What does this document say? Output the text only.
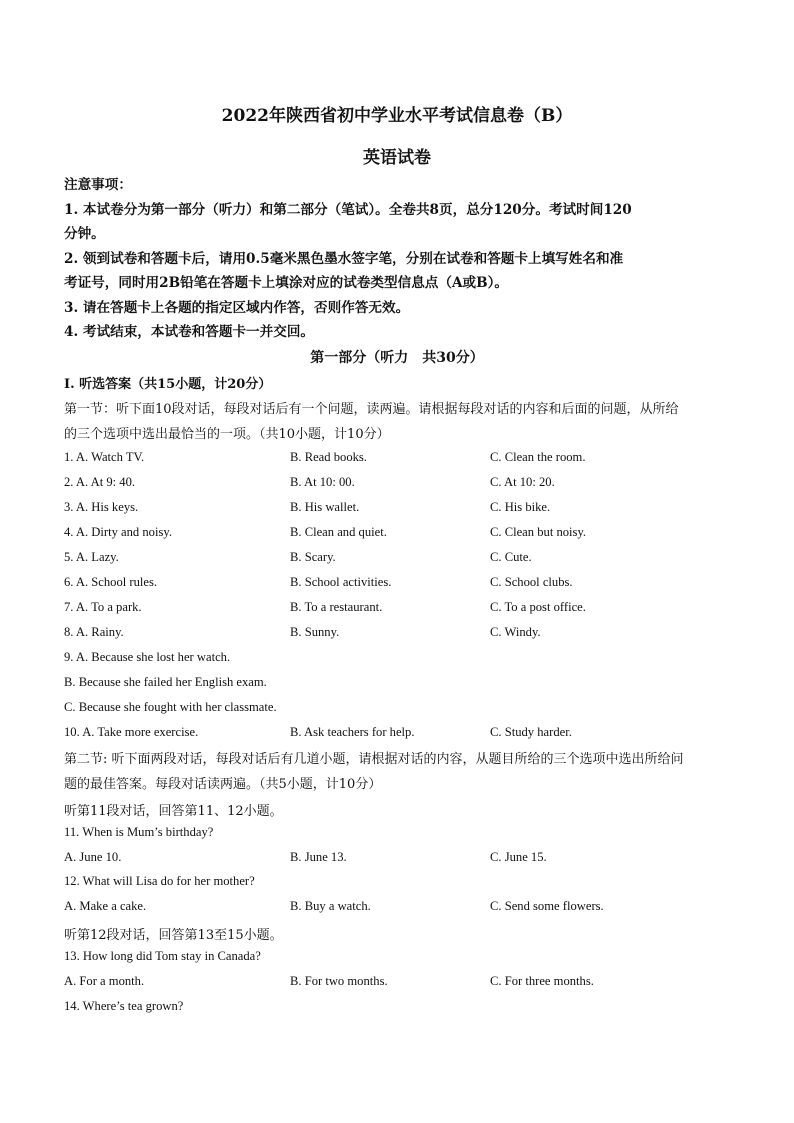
2022年陕西省初中学业水平考试信息卷（B）
英语试卷
注意事项：
1. 本试卷分为第一部分（听力）和第二部分（笔试）。全卷共8页，总分120分。考试时间120
分钟。
2. 领到试卷和答题卡后，请用0.5毫米黑色墨水签字笔，分别在试卷和答题卡上填写姓名和准
考证号，同时用2B铅笔在答题卡上填涂对应的试卷类型信息点（A或B）。
3. 请在答题卡上各题的指定区域内作答，否则作答无效。
4. 考试结束，本试卷和答题卡一并交回。
第一部分（听力　共30分）
I. 听选答案（共15小题，计20分）
第一节：听下面10段对话，每段对话后有一个问题，读两遍。请根据每段对话的内容和后面的问题，从所给
的三个选项中选出最恰当的一项。（共10小题，计10分）
1. A. Watch TV.	B. Read books.	C. Clean the room.
2. A. At 9: 40.	B. At 10: 00.	C. At 10: 20.
3. A. His keys.	B. His wallet.	C. His bike.
4. A. Dirty and noisy.	B. Clean and quiet.	C. Clean but noisy.
5. A. Lazy.	B. Scary.	C. Cute.
6. A. School rules.	B. School activities.	C. School clubs.
7. A. To a park.	B. To a restaurant.	C. To a post office.
8. A. Rainy.	B. Sunny.	C. Windy.
9. A. Because she lost her watch.
B. Because she failed her English exam.
C. Because she fought with her classmate.
10. A. Take more exercise.	B. Ask teachers for help.	C. Study harder.
第二节: 听下面两段对话，每段对话后有几道小题，请根据对话的内容，从题目所给的三个选项中选出所给问
题的最佳答案。每段对话读两遍。（共5小题，计10分）
听第11段对话，回答第11、12小题。
11. When is Mum’s birthday?
A. June 10.	B. June 13.	C. June 15.
12. What will Lisa do for her mother?
A. Make a cake.	B. Buy a watch.	C. Send some flowers.
听第12段对话，回答第13至15小题。
13. How long did Tom stay in Canada?
A. For a month.	B. For two months.	C. For three months.
14. Where’s tea grown?
